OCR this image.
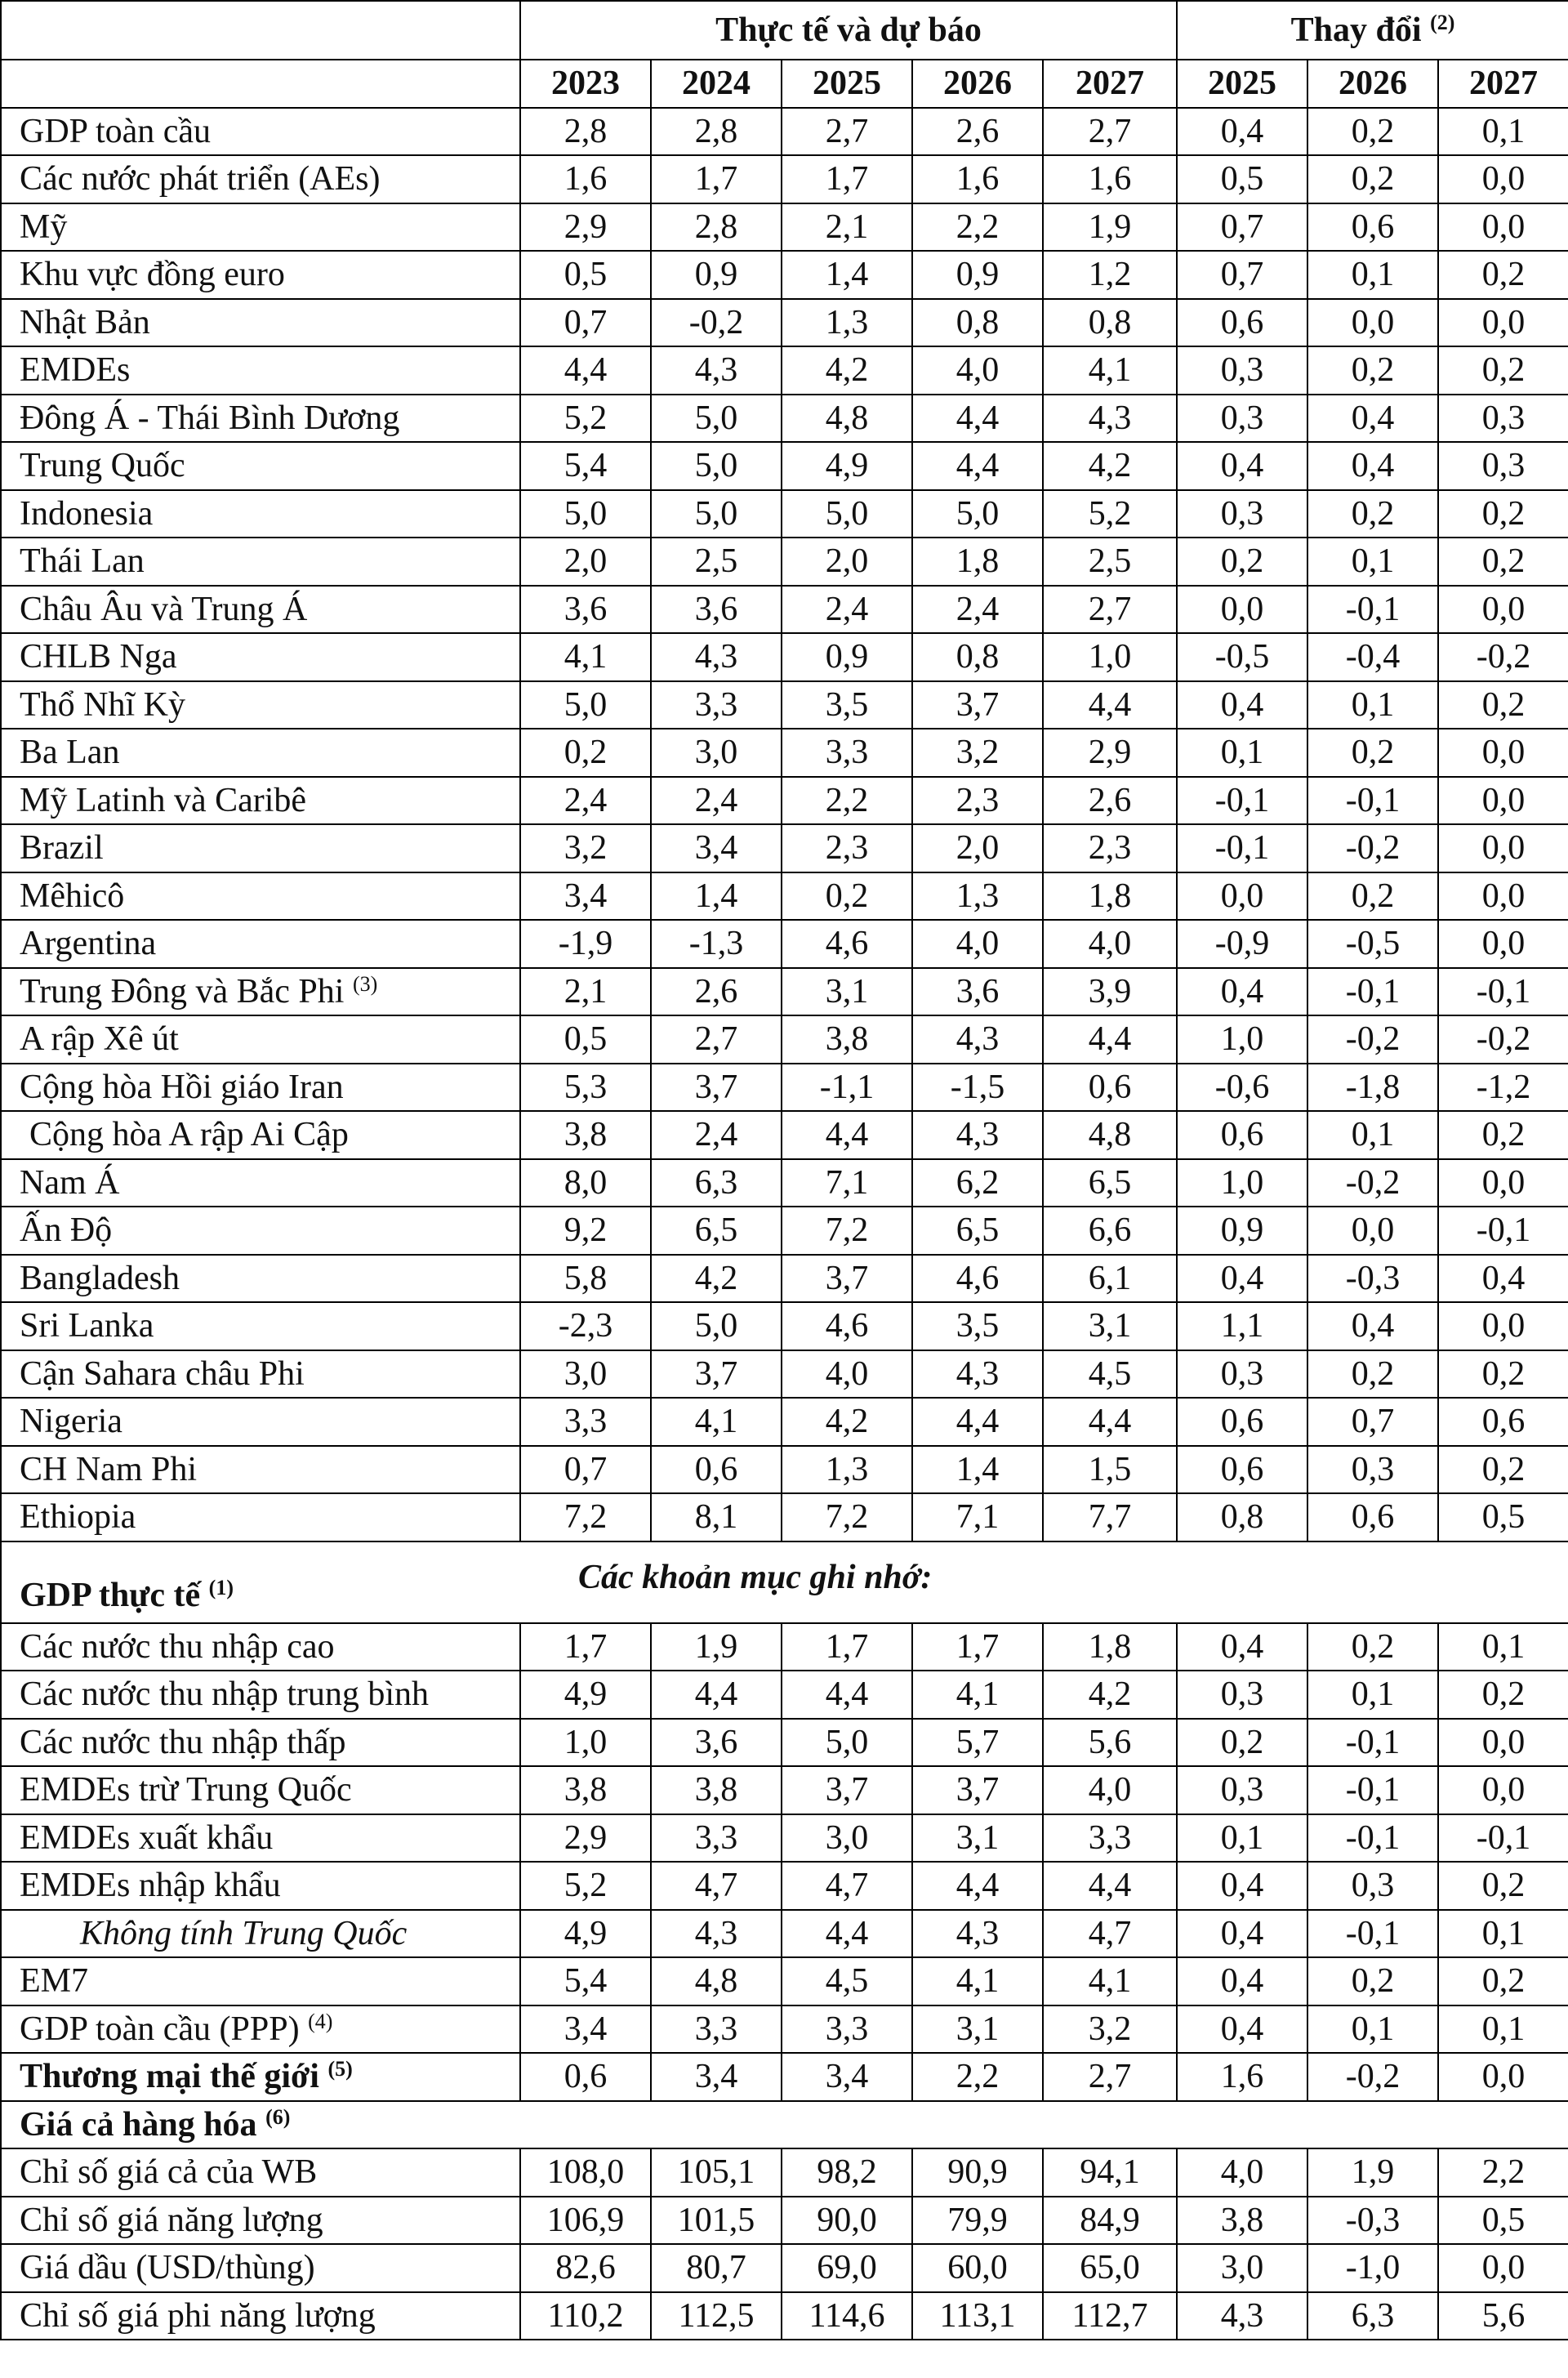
	Thực tế và dự báo					Thay đổi $^{(2)}$
	2023	2024	2025	2026	2027	2025	2026	2027
GDP toàn cầu	2,8	2,8	2,7	2,6	2,7	0,4	0,2	0,1
Các nước phát triển (AEs)	1,6	1,7	1,7	1,6	1,6	0,5	0,2	0,0
Mỹ	2,9	2,8	2,1	2,2	1,9	0,7	0,6	0,0
Khu vực đồng euro	0,5	0,9	1,4	0,9	1,2	0,7	0,1	0,2
Nhật Bản	0,7	-0,2	1,3	0,8	0,8	0,6	0,0	0,0
EMDEs	4,4	4,3	4,2	4,0	4,1	0,3	0,2	0,2
Đông Á - Thái Bình Dương	5,2	5,0	4,8	4,4	4,3	0,3	0,4	0,3
Trung Quốc	5,4	5,0	4,9	4,4	4,2	0,4	0,4	0,3
Indonesia	5,0	5,0	5,0	5,0	5,2	0,3	0,2	0,2
Thái Lan	2,0	2,5	2,0	1,8	2,5	0,2	0,1	0,2
Châu Âu và Trung Á	3,6	3,6	2,4	2,4	2,7	0,0	-0,1	0,0
CHLB Nga	4,1	4,3	0,9	0,8	1,0	-0,5	-0,4	-0,2
Thổ Nhĩ Kỳ	5,0	3,3	3,5	3,7	4,4	0,4	0,1	0,2
Ba Lan	0,2	3,0	3,3	3,2	2,9	0,1	0,2	0,0
Mỹ Latinh và Caribê	2,4	2,4	2,2	2,3	2,6	-0,1	-0,1	0,0
Brazil	3,2	3,4	2,3	2,0	2,3	-0,1	-0,2	0,0
Mêhicô	3,4	1,4	0,2	1,3	1,8	0,0	0,2	0,0
Argentina	-1,9	-1,3	4,6	4,0	4,0	-0,9	-0,5	0,0
Trung Đông và Bắc Phi $^{(3)}$	2,1	2,6	3,1	3,6	3,9	0,4	-0,1	-0,1
A rập Xê út	0,5	2,7	3,8	4,3	4,4	1,0	-0,2	-0,2
Cộng hòa Hồi giáo Iran	5,3	3,7	-1,1	-1,5	0,6	-0,6	-1,8	-1,2
Cộng hòa A rập Ai Cập	3,8	2,4	4,4	4,3	4,8	0,6	0,1	0,2
Nam Á	8,0	6,3	7,1	6,2	6,5	1,0	-0,2	0,0
Ấn Độ	9,2	6,5	7,2	6,5	6,6	0,9	0,0	-0,1
Bangladesh	5,8	4,2	3,7	4,6	6,1	0,4	-0,3	0,4
Sri Lanka	-2,3	5,0	4,6	3,5	3,1	1,1	0,4	0,0
Cận Sahara châu Phi	3,0	3,7	4,0	4,3	4,5	0,3	0,2	0,2
Nigeria	3,3	4,1	4,2	4,4	4,4	0,6	0,7	0,6
CH Nam Phi	0,7	0,6	1,3	1,4	1,5	0,6	0,3	0,2
Ethiopia	7,2	8,1	7,2	7,1	7,7	0,8	0,6	0,5

GDP thực tế $^{(1)}$ Các khoản mục ghi nhớ:								

Các nước thu nhập cao	1,7	1,9	1,7	1,7	1,8	0,4	0,2	0,1
Các nước thu nhập trung bình	4,9	4,4	4,4	4,1	4,2	0,3	0,1	0,2
Các nước thu nhập thấp	1,0	3,6	5,0	5,7	5,6	0,2	-0,1	0,0
EMDEs trừ Trung Quốc	3,8	3,8	3,7	3,7	4,0	0,3	-0,1	0,0
EMDEs xuất khẩu	2,9	3,3	3,0	3,1	3,3	0,1	-0,1	-0,1
EMDEs nhập khẩu	5,2	4,7	4,7	4,4	4,4	0,4	0,3	0,2
Không tính Trung Quốc	4,9	4,3	4,4	4,3	4,7	0,4	-0,1	0,1
EM7	5,4	4,8	4,5	4,1	4,1	0,4	0,2	0,2
GDP toàn cầu (PPP) $^{(4)}$	3,4	3,3	3,3	3,1	3,2	0,4	0,1	0,1
Thương mại thế giới $^{(5)}$	0,6	3,4	3,4	2,2	2,7	1,6	-0,2	0,0
Giá cả hàng hóa $^{(6)}$
Chỉ số giá cả của WB	108,0	105,1	98,2	90,9	94,1	4,0	1,9	2,2
Chỉ số giá năng lượng	106,9	101,5	90,0	79,9	84,9	3,8	-0,3	0,5
Giá dầu (USD/thùng)	82,6	80,7	69,0	60,0	65,0	3,0	-1,0	0,0
Chỉ số giá phi năng lượng	110,2	112,5	114,6	113,1	112,7	4,3	6,3	5,6
